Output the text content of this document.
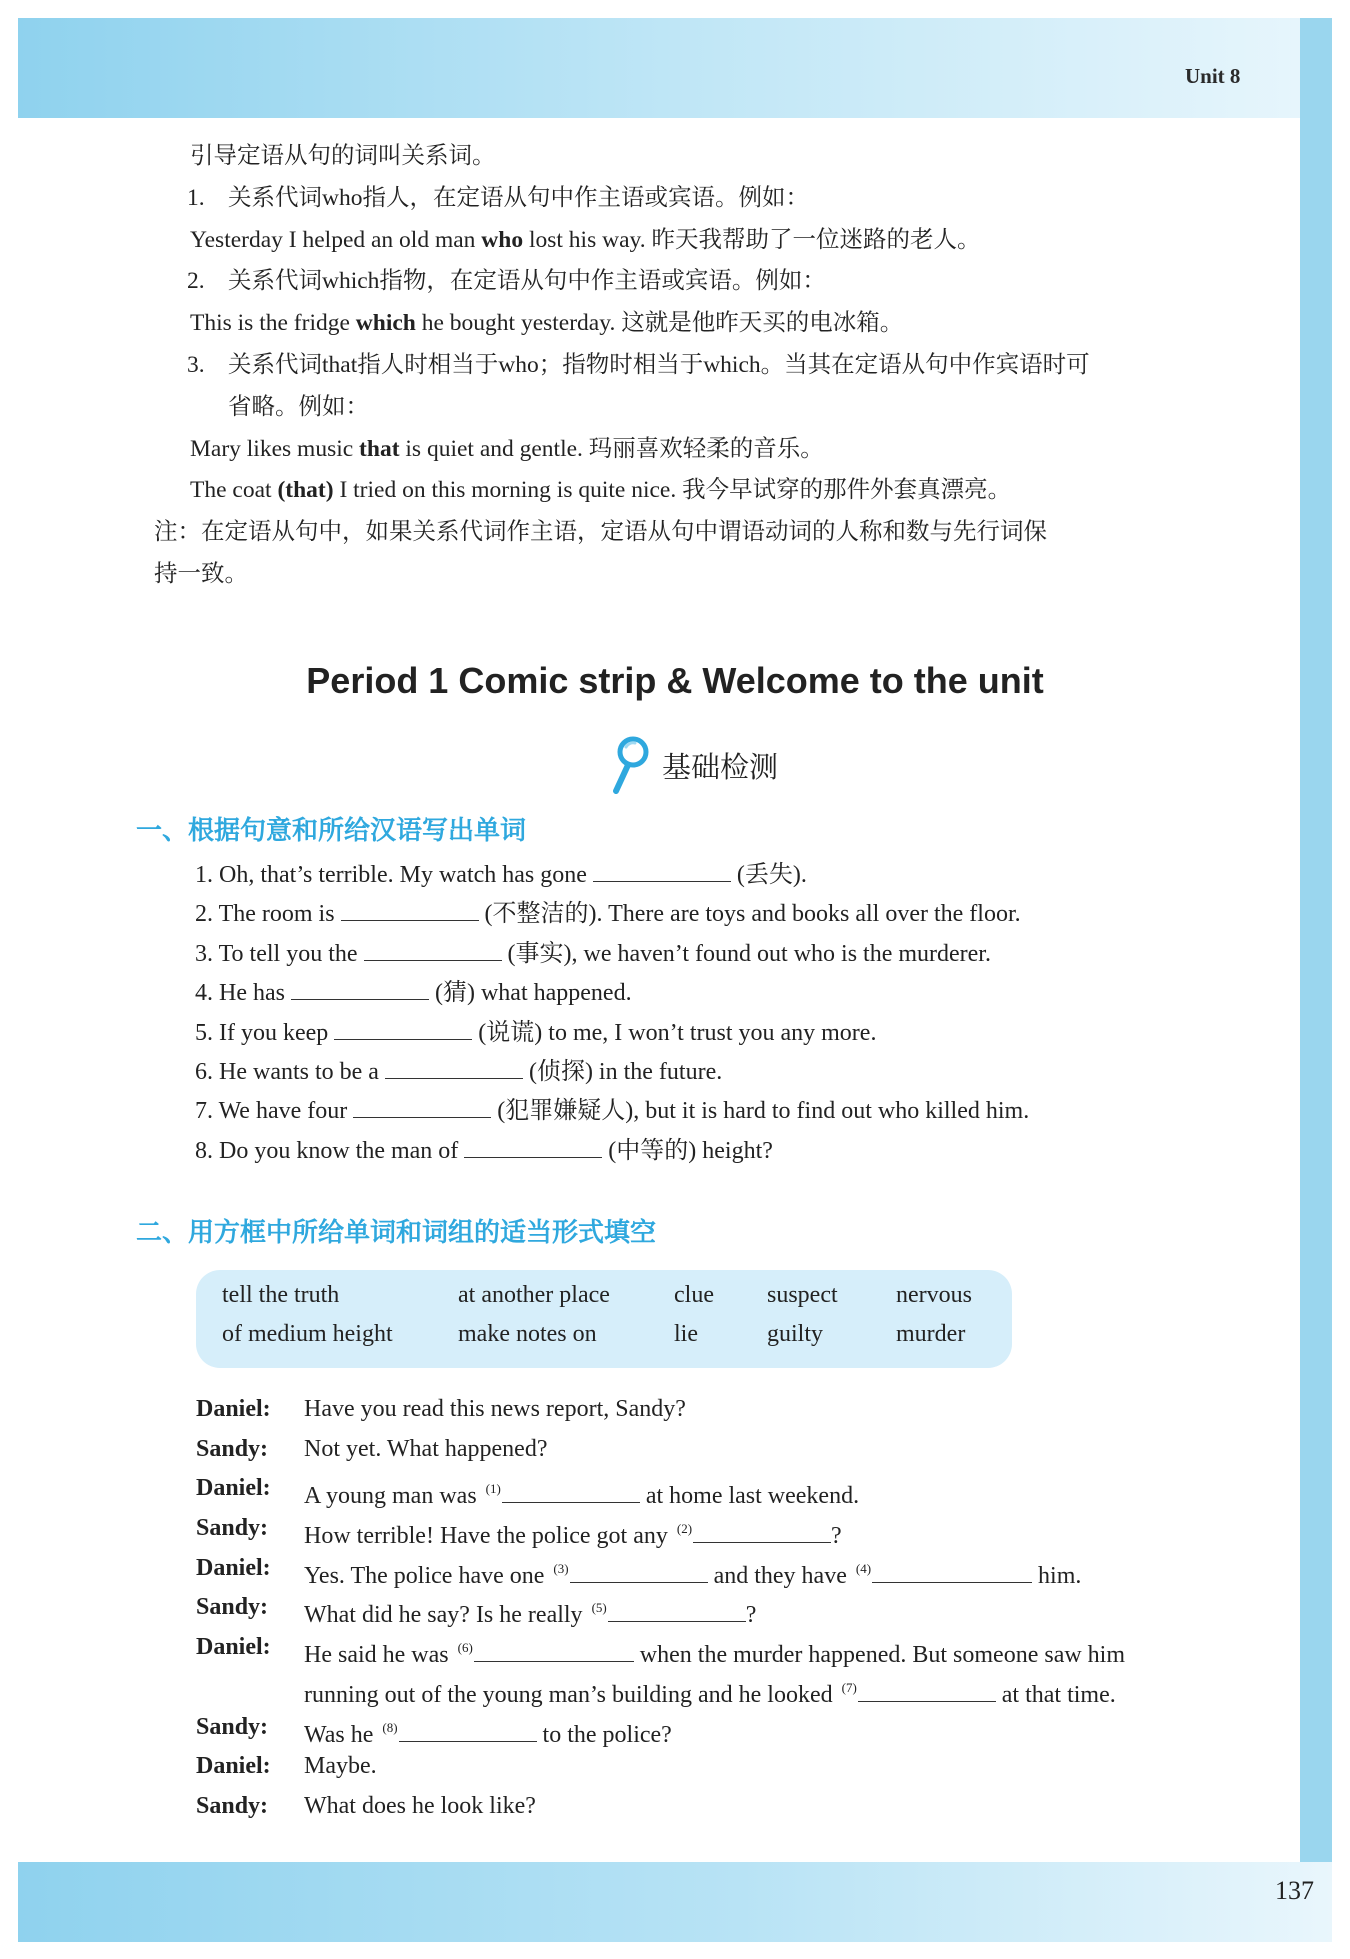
Unit 8
引导定语从句的词叫关系词。
1. 关系代词who指人，在定语从句中作主语或宾语。例如：
Yesterday I helped an old man who lost his way. 昨天我帮助了一位迷路的老人。
2. 关系代词which指物，在定语从句中作主语或宾语。例如：
This is the fridge which he bought yesterday. 这就是他昨天买的电冰箱。
3. 关系代词that指人时相当于who；指物时相当于which。当其在定语从句中作宾语时可
省略。例如：
Mary likes music that is quiet and gentle. 玛丽喜欢轻柔的音乐。
The coat (that) I tried on this morning is quite nice. 我今早试穿的那件外套真漂亮。
注：在定语从句中，如果关系代词作主语，定语从句中谓语动词的人称和数与先行词保
持一致。
Period 1 Comic strip & Welcome to the unit
基础检测
一、根据句意和所给汉语写出单词
1. Oh, that’s terrible. My watch has gone	(丢失).
2. The room is	(不整洁的). There are toys and books all over the floor.
3. To tell you the	(事实), we haven’t found out who is the murderer.
4. He has	(猜) what happened.
5. If you keep	(说谎) to me, I won’t trust you any more.
6. He wants to be a	(侦探) in the future.
7. We have four	(犯罪嫌疑人), but it is hard to find out who killed him.
8. Do you know the man of	(中等的) height?
二、用方框中所给单词和词组的适当形式填空
tell the truth	at another place	clue suspect nervous
of medium height	make notes on	lie	guilty	murder
Daniel: Have you read this news report, Sandy?
Sandy: Not yet. What happened?
Daniel: A young man was $^{(1)}$	at home last weekend.
Sandy: How terrible! Have the police got any $^{(2)}$	?
Daniel: Yes. The police have one $^{(3)}$	and they have $^{(4)}$	him.
Sandy: What did he say? Is he really $^{(5)}$	?
Daniel: He said he was $^{(6)}$	when the murder happened. But someone saw him
running out of the young man’s building and he looked $^{(7)}$	at that time.
Sandy: Was he $^{(8)}$	to the police?
Daniel: Maybe.
Sandy: What does he look like?
137
